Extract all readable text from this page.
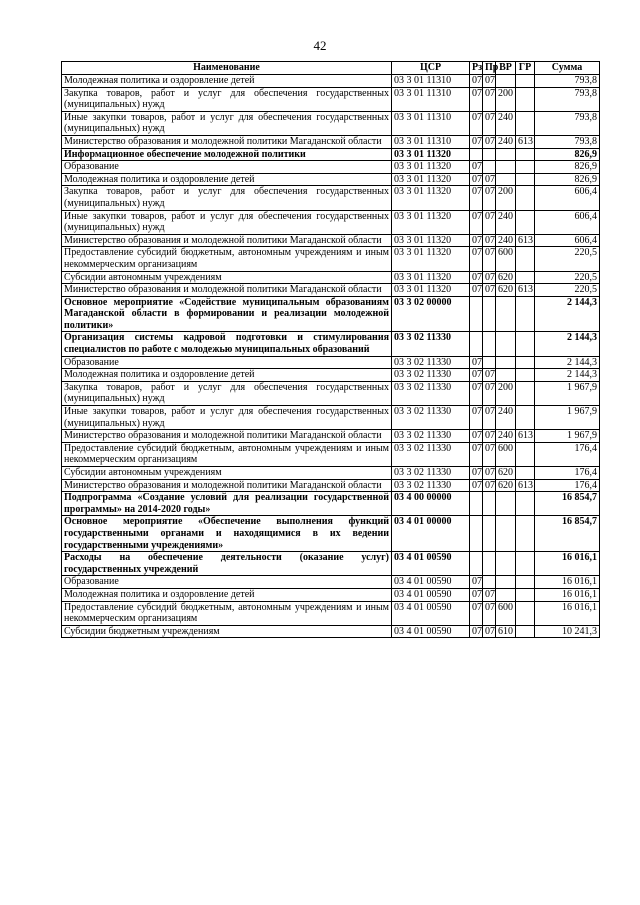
42
Наименование	ЦСР	Рз	Пр	ВР	ГР	Сумма
Молодежная политика и оздоровление детей	03 3 01 11310	07	07			793,8
Закупка товаров, работ и услуг для обеспечения государственных (муниципальных) нужд	03 3 01 11310	07	07	200		793,8
Иные закупки товаров, работ и услуг для обеспечения государственных (муниципальных) нужд	03 3 01 11310	07	07	240		793,8
Министерство образования и молодежной политики Магаданской области	03 3 01 11310	07	07	240	613	793,8
Информационное обеспечение молодежной политики	03 3 01 11320					826,9
Образование	03 3 01 11320	07				826,9
Молодежная политика и оздоровление детей	03 3 01 11320	07	07			826,9
Закупка товаров, работ и услуг для обеспечения государственных (муниципальных) нужд	03 3 01 11320	07	07	200		606,4
Иные закупки товаров, работ и услуг для обеспечения государственных (муниципальных) нужд	03 3 01 11320	07	07	240		606,4
Министерство образования и молодежной политики Магаданской области	03 3 01 11320	07	07	240	613	606,4
Предоставление субсидий бюджетным, автономным учреждениям и иным некоммерческим организациям	03 3 01 11320	07	07	600		220,5
Субсидии автономным учреждениям	03 3 01 11320	07	07	620		220,5
Министерство образования и молодежной политики Магаданской области	03 3 01 11320	07	07	620	613	220,5
Основное мероприятие «Содействие муниципальным образованиям Магаданской области в формировании и реализации молодежной политики»	03 3 02 00000					2 144,3
Организация системы кадровой подготовки и стимулирования специалистов по работе с молодежью муниципальных образований	03 3 02 11330					2 144,3
Образование	03 3 02 11330	07				2 144,3
Молодежная политика и оздоровление детей	03 3 02 11330	07	07			2 144,3
Закупка товаров, работ и услуг для обеспечения государственных (муниципальных) нужд	03 3 02 11330	07	07	200		1 967,9
Иные закупки товаров, работ и услуг для обеспечения государственных (муниципальных) нужд	03 3 02 11330	07	07	240		1 967,9
Министерство образования и молодежной политики Магаданской области	03 3 02 11330	07	07	240	613	1 967,9
Предоставление субсидий бюджетным, автономным учреждениям и иным некоммерческим организациям	03 3 02 11330	07	07	600		176,4
Субсидии автономным учреждениям	03 3 02 11330	07	07	620		176,4
Министерство образования и молодежной политики Магаданской области	03 3 02 11330	07	07	620	613	176,4
Подпрограмма «Создание условий для реализации государственной программы» на 2014-2020 годы»	03 4 00 00000					16 854,7
Основное мероприятие «Обеспечение выполнения функций государственными органами и находящимися в их ведении государственными учреждениями»	03 4 01 00000					16 854,7
Расходы на обеспечение деятельности (оказание услуг) государственных учреждений	03 4 01 00590					16 016,1
Образование	03 4 01 00590	07				16 016,1
Молодежная политика и оздоровление детей	03 4 01 00590	07	07			16 016,1
Предоставление субсидий бюджетным, автономным учреждениям и иным некоммерческим организациям	03 4 01 00590	07	07	600		16 016,1
Субсидии бюджетным учреждениям	03 4 01 00590	07	07	610		10 241,3
